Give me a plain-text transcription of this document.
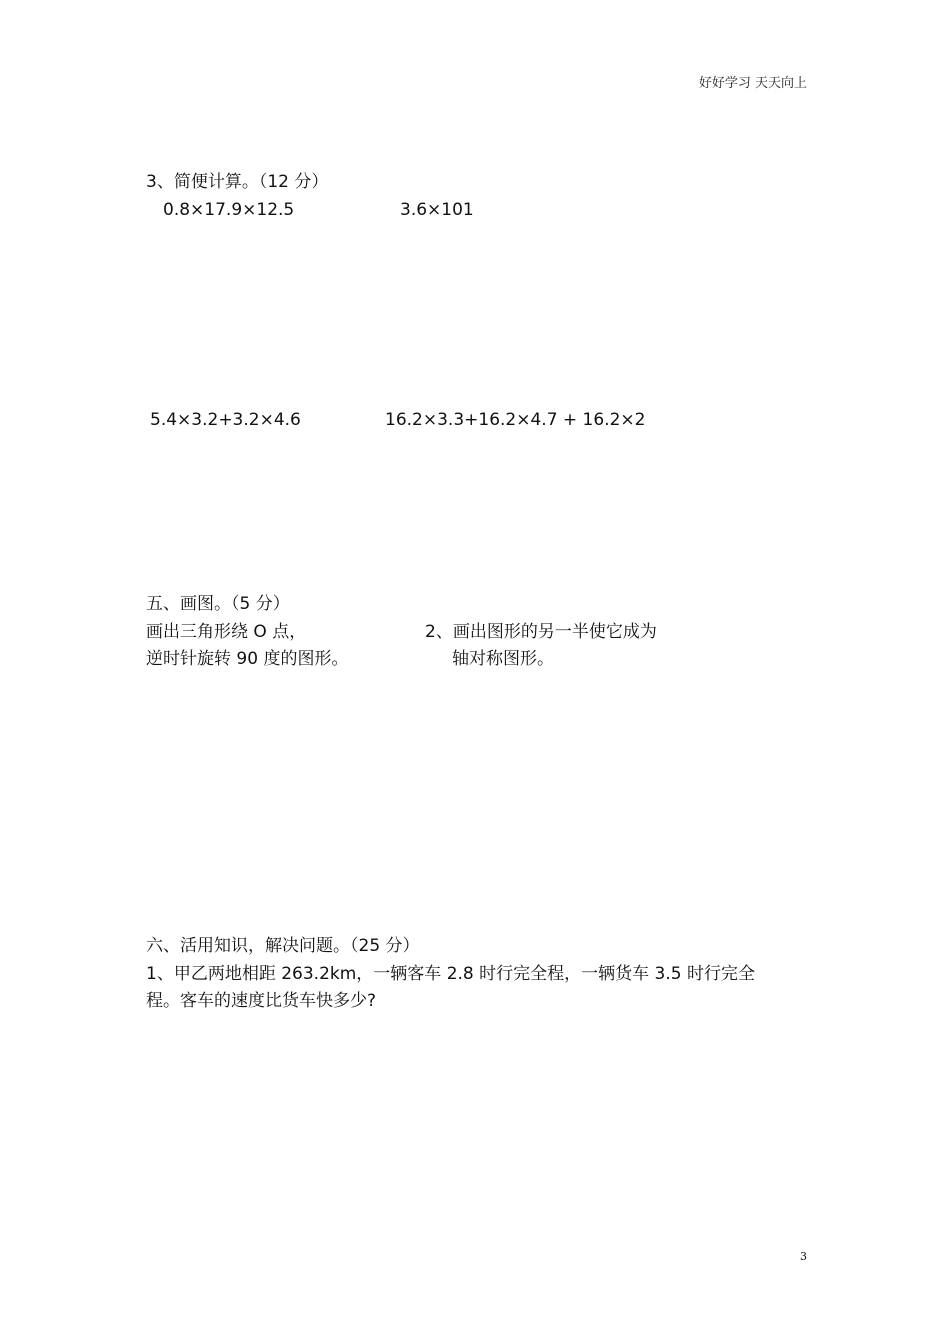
好好学习 天天向上
3、简便计算。（12 分）
0.8×17.9×12.5	3.6×101
5.4×3.2+3.2×4.6	16.2×3.3+16.2×4.7 + 16.2×2
五、画图。（5 分）
画出三角形绕 O 点，
逆时针旋转 90 度的图形。
2、画出图形的另一半使它成为
轴对称图形。
六、活用知识，解决问题。（25 分）
1、甲乙两地相距 263.2km，一辆客车 2.8 时行完全程，一辆货车 3.5 时行完全
程。客车的速度比货车快多少?
3
